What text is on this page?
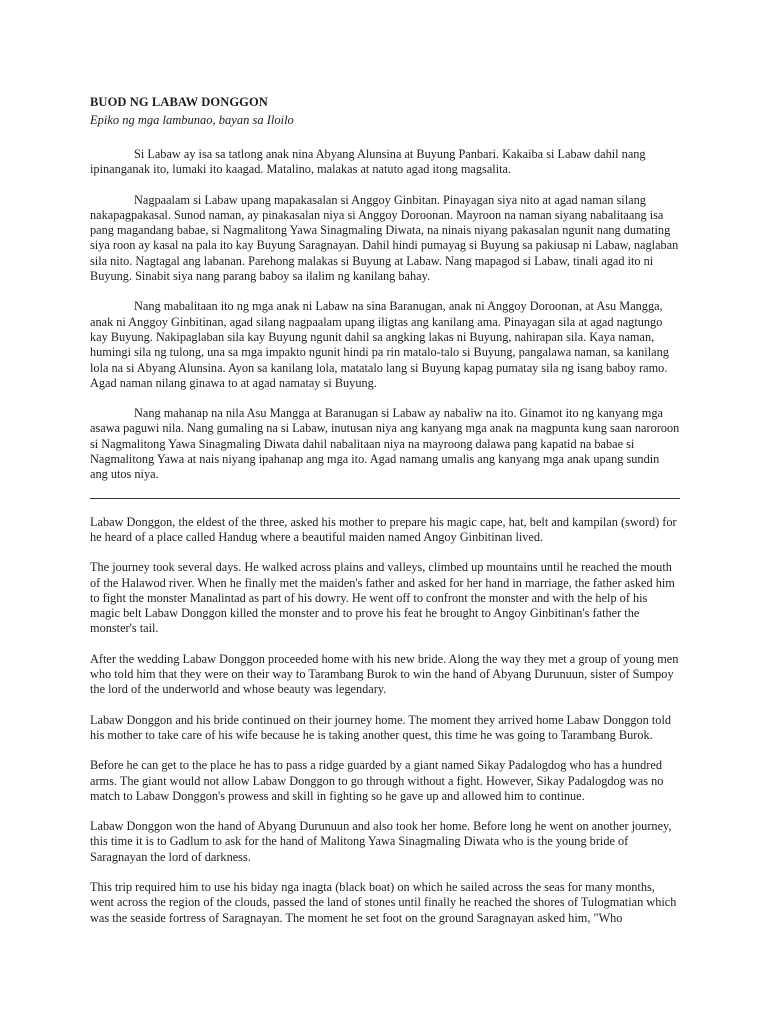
BUOD NG LABAW DONGGON
Epiko ng mga lambunao, bayan sa Iloilo

Si Labaw ay isa sa tatlong anak nina Abyang Alunsina at Buyung Panbari. Kakaiba si Labaw dahil nang ipinanganak ito, lumaki ito kaagad. Matalino, malakas at natuto agad itong magsalita.

Nagpaalam si Labaw upang mapakasalan si Anggoy Ginbitan. Pinayagan siya nito at agad naman silang nakapagpakasal. Sunod naman, ay pinakasalan niya si Anggoy Doroonan. Mayroon na naman siyang nabalitaang isa pang magandang babae, si Nagmalitong Yawa Sinagmaling Diwata, na ninais niyang pakasalan ngunit nang dumating siya roon ay kasal na pala ito kay Buyung Saragnayan. Dahil hindi pumayag si Buyung sa pakiusap ni Labaw, naglaban sila nito. Nagtagal ang labanan. Parehong malakas si Buyung at Labaw. Nang mapagod si Labaw, tinali agad ito ni Buyung. Sinabit siya nang parang baboy sa ilalim ng kanilang bahay.

Nang mabalitaan ito ng mga anak ni Labaw na sina Baranugan, anak ni Anggoy Doroonan, at Asu Mangga, anak ni Anggoy Ginbitinan, agad silang nagpaalam upang iligtas ang kanilang ama. Pinayagan sila at agad nagtungo kay Buyung. Nakipaglaban sila kay Buyung ngunit dahil sa angking lakas ni Buyung, nahirapan sila. Kaya naman, humingi sila ng tulong, una sa mga impakto ngunit hindi pa rin matalo-talo si Buyung, pangalawa naman, sa kanilang lola na si Abyang Alunsina. Ayon sa kanilang lola, matatalo lang si Buyung kapag pumatay sila ng isang baboy ramo. Agad naman nilang ginawa to at agad namatay si Buyung.

Nang mahanap na nila Asu Mangga at Baranugan si Labaw ay nabaliw na ito. Ginamot ito ng kanyang mga asawa paguwi nila. Nang gumaling na si Labaw, inutusan niya ang kanyang mga anak na magpunta kung saan naroroon si Nagmalitong Yawa Sinagmaling Diwata dahil nabalitaan niya na mayroong dalawa pang kapatid na babae si Nagmalitong Yawa at nais niyang ipahanap ang mga ito. Agad namang umalis ang kanyang mga anak upang sundin ang utos niya.

Labaw Donggon, the eldest of the three, asked his mother to prepare his magic cape, hat, belt and kampilan (sword) for he heard of a place called Handug where a beautiful maiden named Angoy Ginbitinan lived.

The journey took several days. He walked across plains and valleys, climbed up mountains until he reached the mouth of the Halawod river. When he finally met the maiden's father and asked for her hand in marriage, the father asked him to fight the monster Manalintad as part of his dowry. He went off to confront the monster and with the help of his magic belt Labaw Donggon killed the monster and to prove his feat he brought to Angoy Ginbitinan's father the monster's tail.

After the wedding Labaw Donggon proceeded home with his new bride. Along the way they met a group of young men who told him that they were on their way to Tarambang Burok to win the hand of Abyang Durunuun, sister of Sumpoy the lord of the underworld and whose beauty was legendary.

Labaw Donggon and his bride continued on their journey home. The moment they arrived home Labaw Donggon told his mother to take care of his wife because he is taking another quest, this time he was going to Tarambang Burok.

Before he can get to the place he has to pass a ridge guarded by a giant named Sikay Padalogdog who has a hundred arms. The giant would not allow Labaw Donggon to go through without a fight. However, Sikay Padalogdog was no match to Labaw Donggon's prowess and skill in fighting so he gave up and allowed him to continue.

Labaw Donggon won the hand of Abyang Durunuun and also took her home. Before long he went on another journey, this time it is to Gadlum to ask for the hand of Malitong Yawa Sinagmaling Diwata who is the young bride of Saragnayan the lord of darkness.

This trip required him to use his biday nga inagta (black boat) on which he sailed across the seas for many months, went across the region of the clouds, passed the land of stones until finally he reached the shores of Tulogmatian which was the seaside fortress of Saragnayan. The moment he set foot on the ground Saragnayan asked him, "Who
